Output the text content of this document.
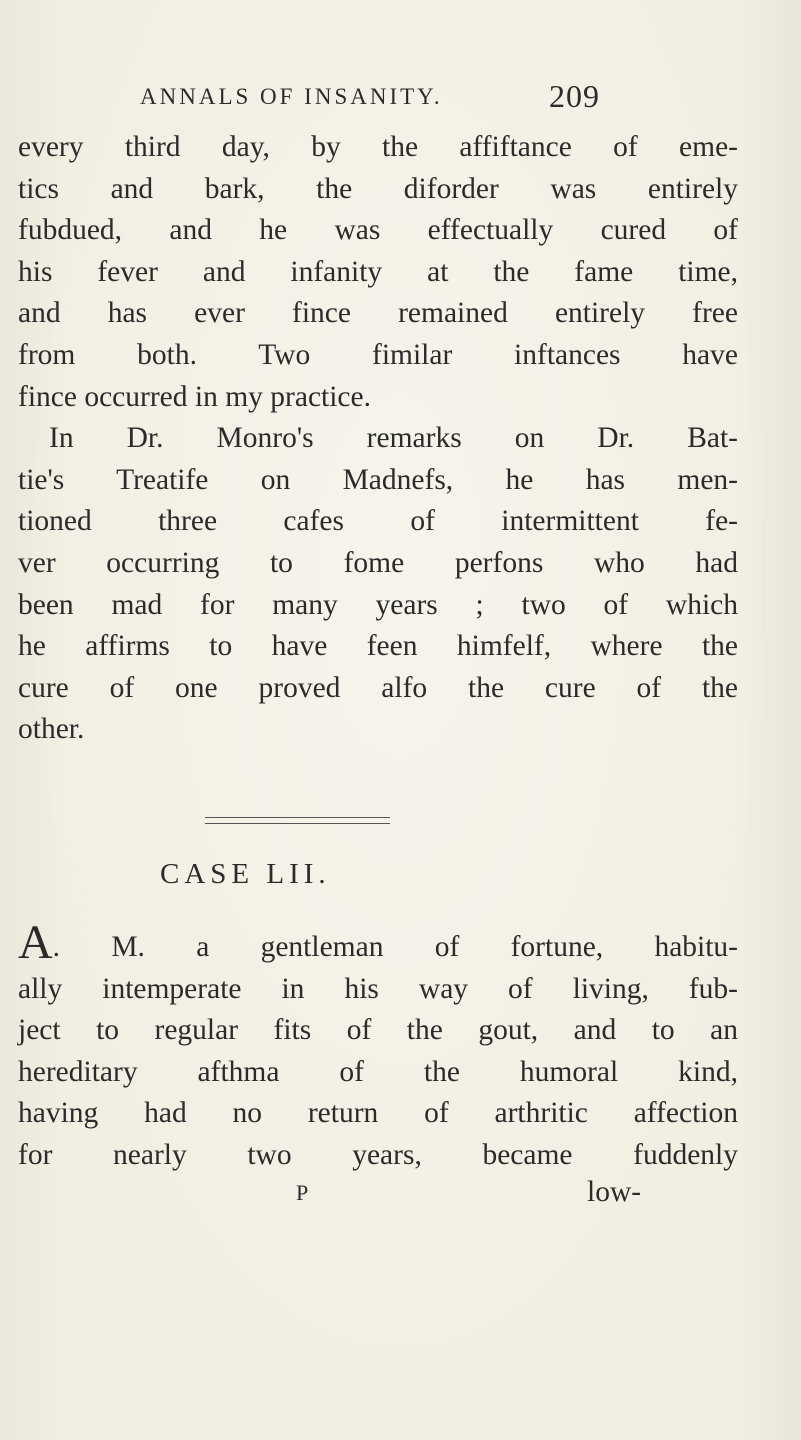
ANNALS OF INSANITY.	209
every third day, by the affiftance of eme-
tics and bark, the diforder was entirely
fubdued, and he was effectually cured of
his fever and infanity at the fame time,
and has ever fince remained entirely free
from both. Two fimilar inftances have
fince occurred in my practice.
In Dr. Monro's remarks on Dr. Bat-
tie's Treatife on Madnefs, he has men-
tioned three cafes of intermittent fe-
ver occurring to fome perfons who had
been mad for many years ; two of which
he affirms to have feen himfelf, where the
cure of one proved alfo the cure of the
other.
CASE LII.
A. M. a gentleman of fortune, habitu-
ally intemperate in his way of living, fub-
ject to regular fits of the gout, and to an
hereditary afthma of the humoral kind,
having had no return of arthritic affection
for nearly two years, became fuddenly
P	low-
